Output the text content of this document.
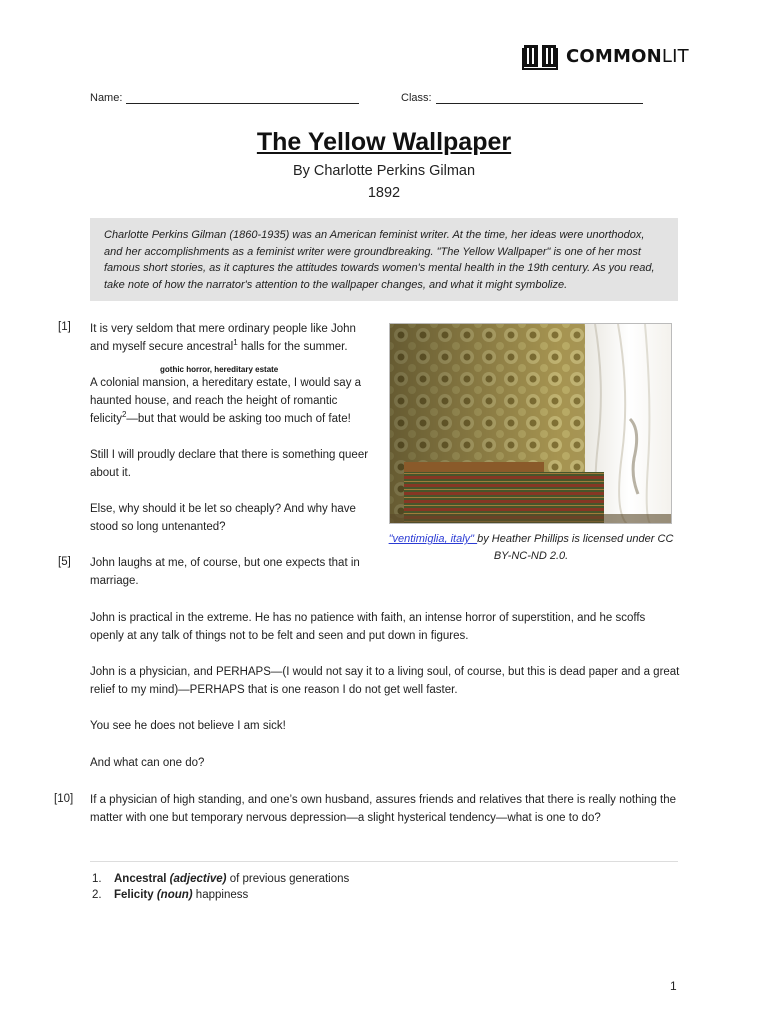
COMMONLIT
Name:	Class:
The Yellow Wallpaper
By Charlotte Perkins Gilman
1892
Charlotte Perkins Gilman (1860-1935) was an American feminist writer. At the time, her ideas were unorthodox, and her accomplishments as a feminist writer were groundbreaking. "The Yellow Wallpaper" is one of her most famous short stories, as it captures the attitudes towards women's mental health in the 19th century. As you read, take note of how the narrator's attention to the wallpaper changes, and what it might symbolize.
[1] It is very seldom that mere ordinary people like John and myself secure ancestral$^1$ halls for the summer.
gothic horror, hereditary estate
A colonial mansion, a hereditary estate, I would say a haunted house, and reach the height of romantic felicity$^2$—but that would be asking too much of fate!
Still I will proudly declare that there is something queer about it.
Else, why should it be let so cheaply? And why have stood so long untenanted?
[5] John laughs at me, of course, but one expects that in marriage.
John is practical in the extreme. He has no patience with faith, an intense horror of superstition, and he scoffs openly at any talk of things not to be felt and seen and put down in figures.
John is a physician, and PERHAPS—(I would not say it to a living soul, of course, but this is dead paper and a great relief to my mind)—PERHAPS that is one reason I do not get well faster.
You see he does not believe I am sick!
And what can one do?
[10] If a physician of high standing, and one’s own husband, assures friends and relatives that there is really nothing the matter with one but temporary nervous depression—a slight hysterical tendency—what is one to do?
"ventimiglia, italy" by Heather Phillips is licensed under CC BY-NC-ND 2.0.
1. Ancestral (adjective) of previous generations
2. Felicity (noun) happiness
1
